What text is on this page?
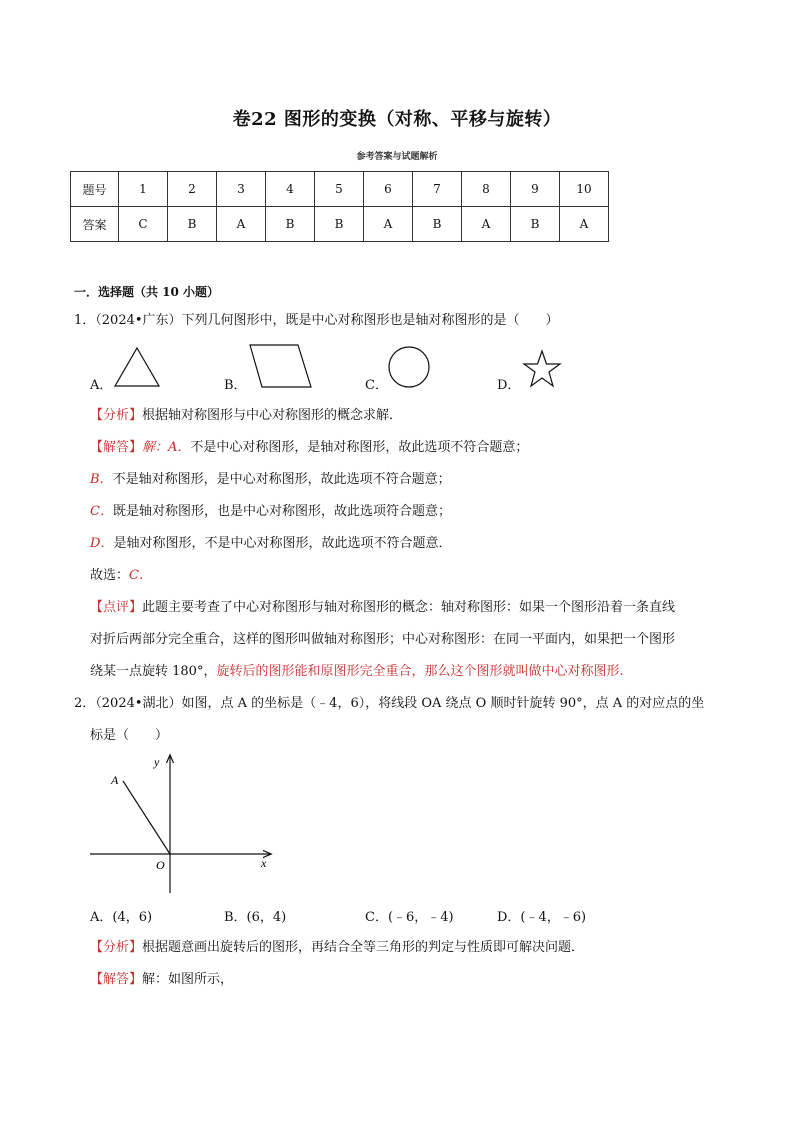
卷22 图形的变换（对称、平移与旋转）
参考答案与试题解析
题号	1	2	3	4	5	6	7	8	9	10
答案	C	B	A	B	B	A	B	A	B	A
一．选择题（共 10 小题）
1．（2024•广东）下列几何图形中，既是中心对称图形也是轴对称图形的是（　　）
A．	B．	C．	D．
【分析】根据轴对称图形与中心对称图形的概念求解．
【解答】解：A．不是中心对称图形，是轴对称图形，故此选项不符合题意；
B．不是轴对称图形，是中心对称图形，故此选项不符合题意；
C．既是轴对称图形，也是中心对称图形，故此选项符合题意；
D．是轴对称图形，不是中心对称图形，故此选项不符合题意．
故选：C．
【点评】此题主要考查了中心对称图形与轴对称图形的概念：轴对称图形：如果一个图形沿着一条直线
对折后两部分完全重合，这样的图形叫做轴对称图形；中心对称图形：在同一平面内，如果把一个图形
绕某一点旋转 180°，旋转后的图形能和原图形完全重合，那么这个图形就叫做中心对称图形.
2．（2024•湖北）如图，点 A 的坐标是（﹣4，6），将线段 OA 绕点 O 顺时针旋转 90°，点 A 的对应点的坐
标是（　　）
y
x
A
O
A．(4，6)	B．(6，4)	C．(﹣6，﹣4)	D．(﹣4，﹣6)
【分析】根据题意画出旋转后的图形，再结合全等三角形的判定与性质即可解决问题．
【解答】解：如图所示，
